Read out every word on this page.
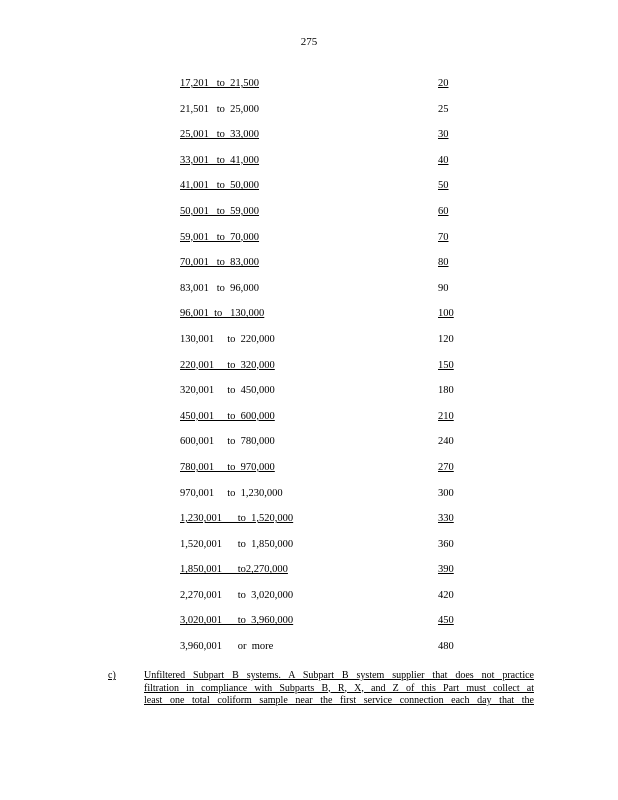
275
17,201   to  21,500	20
21,501   to  25,000	25
25,001   to  33,000	30
33,001   to  41,000	40
41,001   to  50,000	50
50,001   to  59,000	60
59,001   to  70,000	70
70,001   to  83,000	80
83,001   to  96,000	90
96,001  to   130,000	100
130,001     to  220,000	120
220,001     to  320,000	150
320,001     to  450,000	180
450,001     to  600,000	210
600,001     to  780,000	240
780,001     to  970,000	270
970,001     to  1,230,000	300
1,230,001      to  1,520,000	330
1,520,001      to  1,850,000	360
1,850,001      to2,270,000	390
2,270,001      to  3,020,000	420
3,020,001      to  3,960,000	450
3,960,001      or  more	480
c)	Unfiltered Subpart B systems. A Subpart B system supplier that does not practice
filtration in compliance with Subparts B, R, X, and Z of this Part must collect at
least one total coliform sample near the first service connection each day that the
